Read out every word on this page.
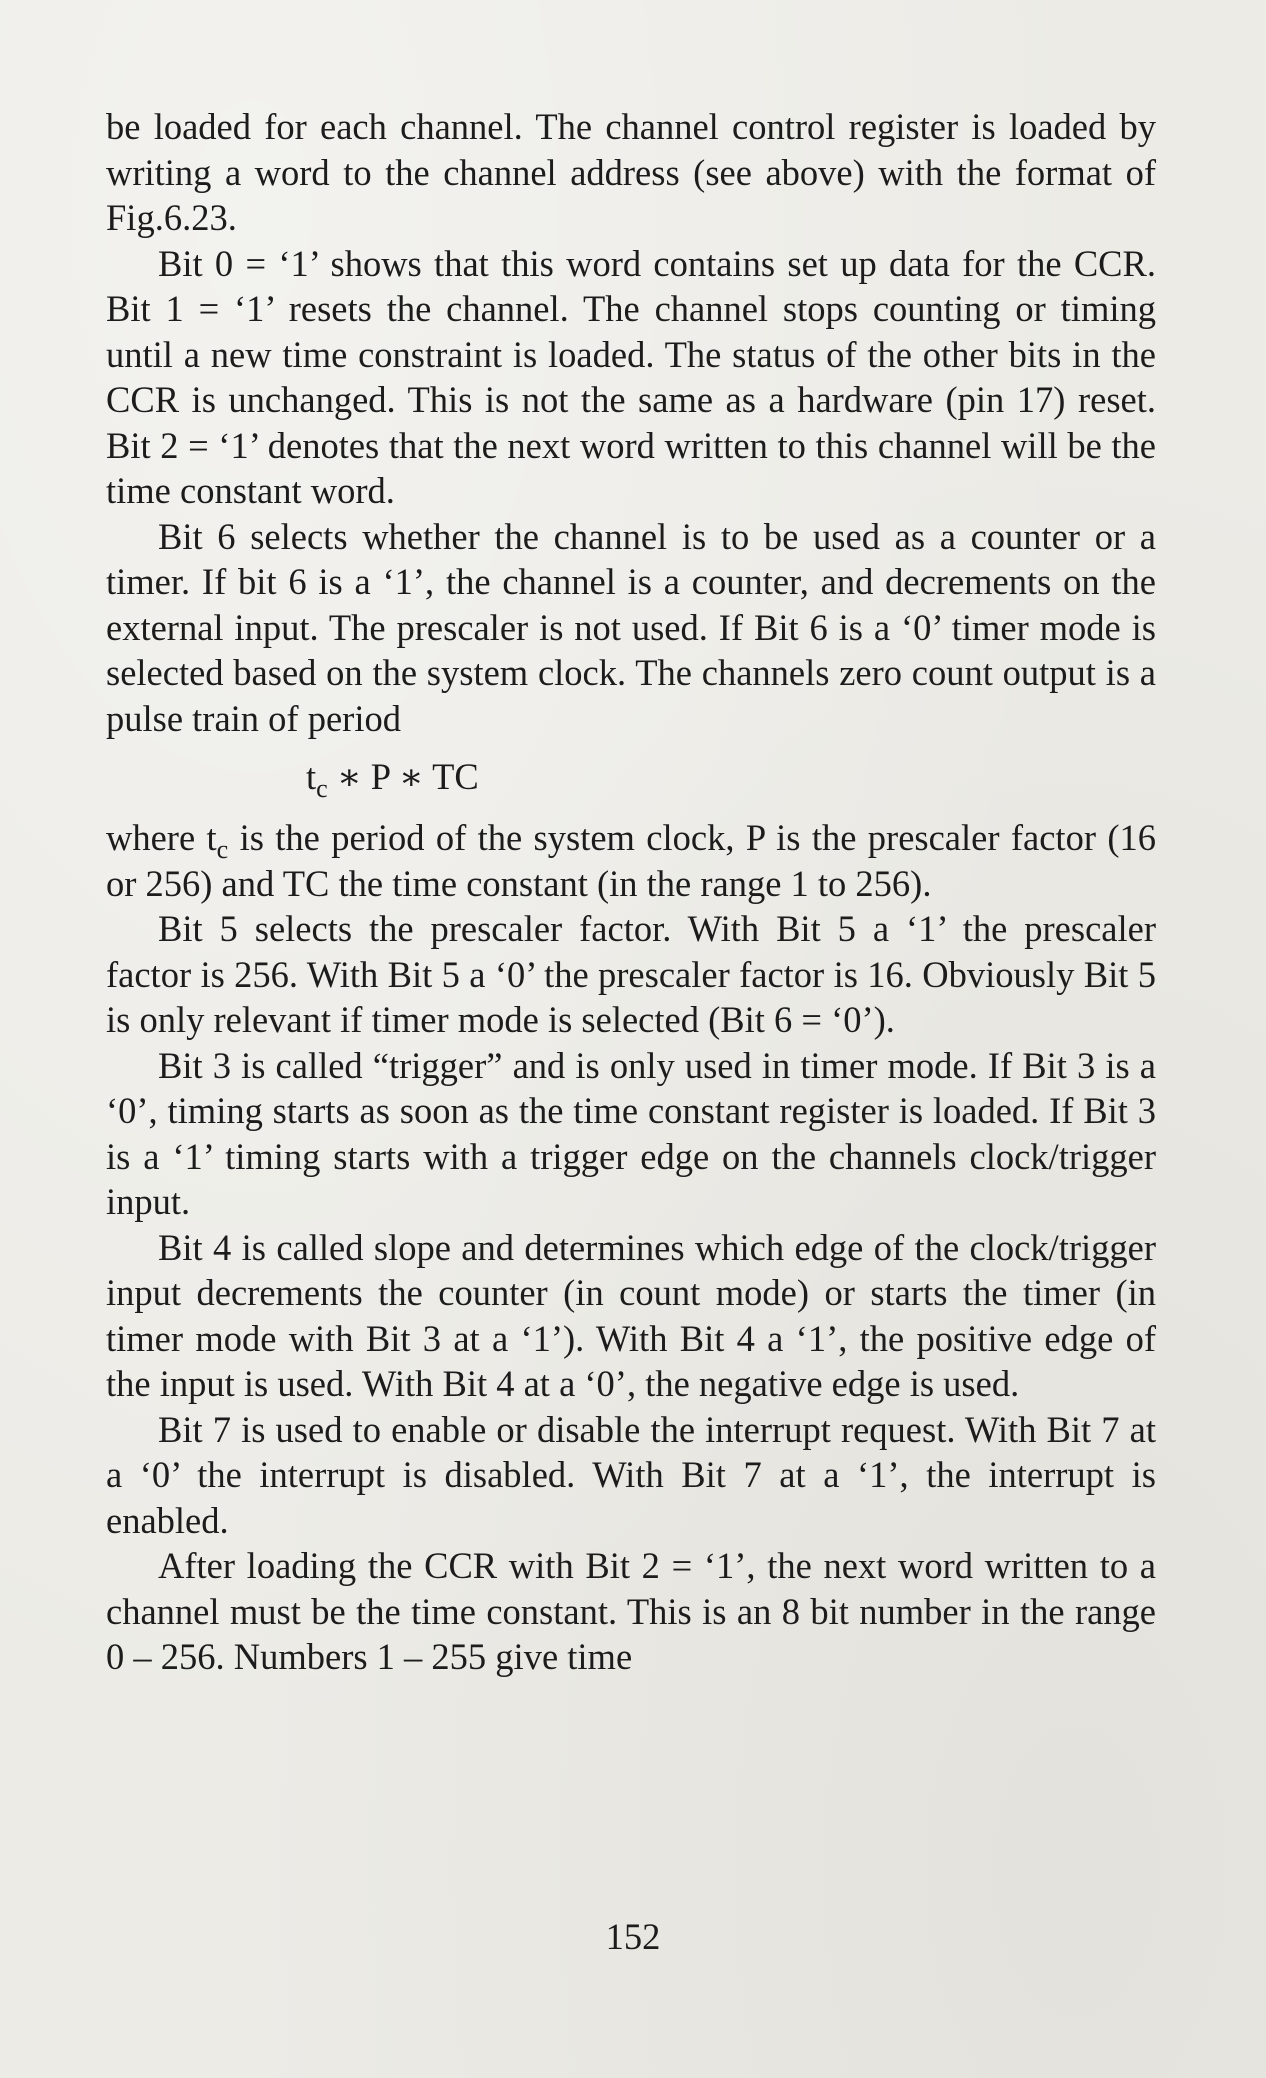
be loaded for each channel. The channel control register is loaded by writing a word to the channel address (see above) with the format of Fig.6.23.

Bit 0 = ‘1’ shows that this word contains set up data for the CCR. Bit 1 = ‘1’ resets the channel. The channel stops counting or timing until a new time constraint is loaded. The status of the other bits in the CCR is unchanged. This is not the same as a hardware (pin 17) reset. Bit 2 = ‘1’ denotes that the next word written to this channel will be the time constant word.

Bit 6 selects whether the channel is to be used as a counter or a timer. If bit 6 is a ‘1’, the channel is a counter, and decrements on the external input. The prescaler is not used. If Bit 6 is a ‘0’ timer mode is selected based on the system clock. The channels zero count output is a pulse train of period

$t_c$ ∗ P ∗ TC

where $t_c$ is the period of the system clock, P is the prescaler factor (16 or 256) and TC the time constant (in the range 1 to 256).

Bit 5 selects the prescaler factor. With Bit 5 a ‘1’ the prescaler factor is 256. With Bit 5 a ‘0’ the prescaler factor is 16. Obviously Bit 5 is only relevant if timer mode is selected (Bit 6 = ‘0’).

Bit 3 is called “trigger” and is only used in timer mode. If Bit 3 is a ‘0’, timing starts as soon as the time constant register is loaded. If Bit 3 is a ‘1’ timing starts with a trigger edge on the channels clock/trigger input.

Bit 4 is called slope and determines which edge of the clock/trigger input decrements the counter (in count mode) or starts the timer (in timer mode with Bit 3 at a ‘1’). With Bit 4 a ‘1’, the positive edge of the input is used. With Bit 4 at a ‘0’, the negative edge is used.

Bit 7 is used to enable or disable the interrupt request. With Bit 7 at a ‘0’ the interrupt is disabled. With Bit 7 at a ‘1’, the interrupt is enabled.

After loading the CCR with Bit 2 = ‘1’, the next word written to a channel must be the time constant. This is an 8 bit number in the range 0 – 256. Numbers 1 – 255 give time

152
